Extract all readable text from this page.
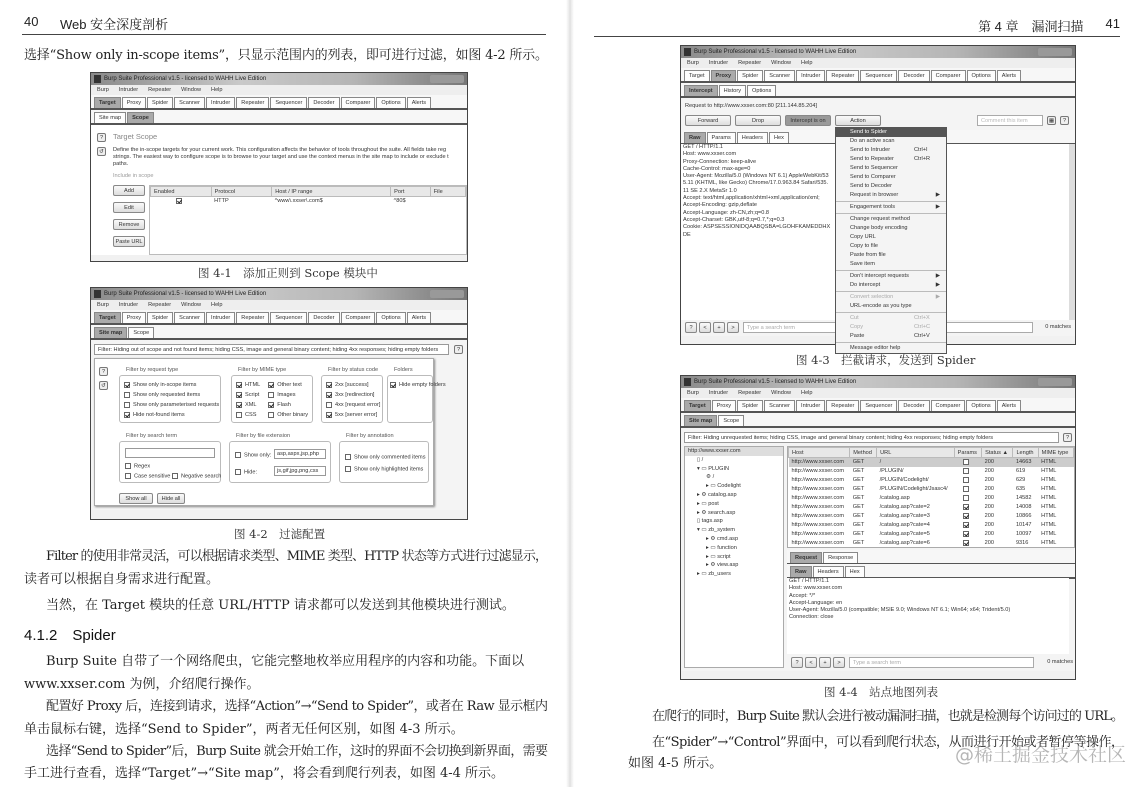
40 Web 安全深度剖析
选择“Show only in-scope items”，只显示范围内的列表，即可进行过滤，如图 4-2 所示。
Burp Suite Professional v1.5 - licensed to WAHH Live Edition
Burp Intruder Repeater Window Help
Target	Proxy	Spider	Scanner	Intruder	Repeater	Sequencer	Decoder	Comparer	Options	Alerts
Site map	Scope
?
↺
Target Scope
Define the in-scope targets for your current work. This configuration affects the behavior of tools throughout the suite. All fields take reg strings. The easiest way to configure scope is to browse to your target and use the context menus in the site map to include or exclude t paths.
Include in scope
Add
Edit
Remove
Paste URL
Enabled	Protocol	Host / IP range	Port	File
	HTTP	^www\.xxser\.com$	^80$	
图 4-1　添加正则到 Scope 模块中
Burp Suite Professional v1.5 - licensed to WAHH Live Edition
Burp Intruder Repeater Window Help
Target	Proxy	Spider	Scanner	Intruder	Repeater	Sequencer	Decoder	Comparer	Options	Alerts
Site map	Scope
Filter: Hiding out of scope and not found items; hiding CSS, image and general binary content; hiding 4xx responses; hiding empty folders	?
?
↺
Filter by request type
Show only in-scope items
Show only requested items
Show only parameterised requests
Hide not-found items
Filter by MIME type
HTML	Other text
Script	Images
XML	Flash
CSS	Other binary
Filter by status code
2xx [success]
3xx [redirection]
4xx [request error]
5xx [server error]
Folders
Hide empty folders
Filter by search term
Regex
Case sensitive Negative search
Filter by file extension
Show only:	asp,aspx,jsp,php
Hide:	js,gif,jpg,png,css
Filter by annotation
Show only commented items
Show only highlighted items
Show all	Hide all
图 4-2　过滤配置
Filter 的使用非常灵活，可以根据请求类型、MIME 类型、HTTP 状态等方式进行过滤显示，
读者可以根据自身需求进行配置。
当然，在 Target 模块的任意 URL/HTTP 请求都可以发送到其他模块进行测试。
4.1.2　Spider
Burp Suite 自带了一个网络爬虫，它能完整地枚举应用程序的内容和功能。下面以
www.xxser.com 为例，介绍爬行操作。
配置好 Proxy 后，连接到请求，选择“Action”→“Send to Spider”，或者在 Raw 显示框内
单击鼠标右键，选择“Send to Spider”，两者无任何区别，如图 4-3 所示。
选择“Send to Spider”后，Burp Suite 就会开始工作，这时的界面不会切换到新界面，需要
手工进行查看，选择“Target”→“Site map”，将会看到爬行列表，如图 4-4 所示。
第 4 章　漏洞扫描 41
Burp Suite Professional v1.5 - licensed to WAHH Live Edition
Burp Intruder Repeater Window Help
Target	Proxy	Spider	Scanner	Intruder	Repeater	Sequencer	Decoder	Comparer	Options	Alerts
Intercept	History	Options
Request to http://www.xxser.com:80 [211.144.85.204]
Forward	Drop	Intercept is on	Action	Comment this item	▦	?
Raw	Params	Headers	Hex
GET / HTTP/1.1
Host: www.xxser.com
Proxy-Connection: keep-alive
Cache-Control: max-age=0
User-Agent: Mozilla/5.0 (Windows NT 6.1) AppleWebKit/535.11 (KHTML, like Gecko) Chrome/17.0.963.84 Safari/535.11 SE 2.X MetaSr 1.0
Accept: text/html,application/xhtml+xml,application/xml;
Accept-Encoding: gzip,deflate
Accept-Language: zh-CN,zh;q=0.8
Accept-Charset: GBK,utf-8;q=0.7,*;q=0.3
Cookie: ASPSESSIONIDQAABQSBA=LGOHFKAMEDDHXDE
?	<	+	>	Type a search term	0 matches
Send to Spider
Do an active scan
Send to Intruder	Ctrl+I
Send to Repeater	Ctrl+R
Send to Sequencer
Send to Comparer
Send to Decoder
Request in browser	▶
Engagement tools	▶
Change request method
Change body encoding
Copy URL
Copy to file
Paste from file
Save item
Don't intercept requests	▶
Do intercept	▶
Convert selection	▶
URL-encode as you type
Cut	Ctrl+X
Copy	Ctrl+C
Paste	Ctrl+V
Message editor help
图 4-3　拦截请求，发送到 Spider
Burp Suite Professional v1.5 - licensed to WAHH Live Edition
Burp Intruder Repeater Window Help
Target	Proxy	Spider	Scanner	Intruder	Repeater	Sequencer	Decoder	Comparer	Options	Alerts
Site map	Scope
Filter: Hiding unrequested items; hiding CSS, image and general binary content; hiding 4xx responses; hiding empty folders	?
http://www.xxser.com
▯ /
▾ ▭ PLUGIN
⚙ /
▸ ▭ Codelight
▸ ⚙ catalog.asp
▸ ▭ post
▸ ⚙ search.asp
▯ tags.asp
▾ ▭ zb_system
▸ ⚙ cmd.asp
▸ ▭ function
▸ ▭ script
▸ ⚙ view.asp
▸ ▭ zb_users
Host	Method	URL	Params	Status ▲	Length	MIME type
http://www.xxser.com	GET	/		200	14663	HTML
http://www.xxser.com	GET	/PLUGIN/		200	619	HTML
http://www.xxser.com	GET	/PLUGIN/Codelight/		200	629	HTML
http://www.xxser.com	GET	/PLUGIN/Codelight/Jsasc4/		200	635	HTML
http://www.xxser.com	GET	/catalog.asp		200	14582	HTML
http://www.xxser.com	GET	/catalog.asp?cate=2		200	14008	HTML
http://www.xxser.com	GET	/catalog.asp?cate=3		200	10866	HTML
http://www.xxser.com	GET	/catalog.asp?cate=4		200	10147	HTML
http://www.xxser.com	GET	/catalog.asp?cate=5		200	10097	HTML
http://www.xxser.com	GET	/catalog.asp?cate=6		200	9316	HTML
Request	Response
Raw	Headers	Hex
GET / HTTP/1.1
Host: www.xxser.com
Accept: */*
Accept-Language: en
User-Agent: Mozilla/5.0 (compatible; MSIE 9.0; Windows NT 6.1; Win64; x64; Trident/5.0)
Connection: close
?	<	+	>	Type a search term	0 matches
图 4-4　站点地图列表
在爬行的同时，Burp Suite 默认会进行被动漏洞扫描，也就是检测每个访问过的 URL。
在“Spider”→“Control”界面中，可以看到爬行状态，从而进行开始或者暂停等操作，
如图 4-5 所示。	@稀土掘金技术社区
